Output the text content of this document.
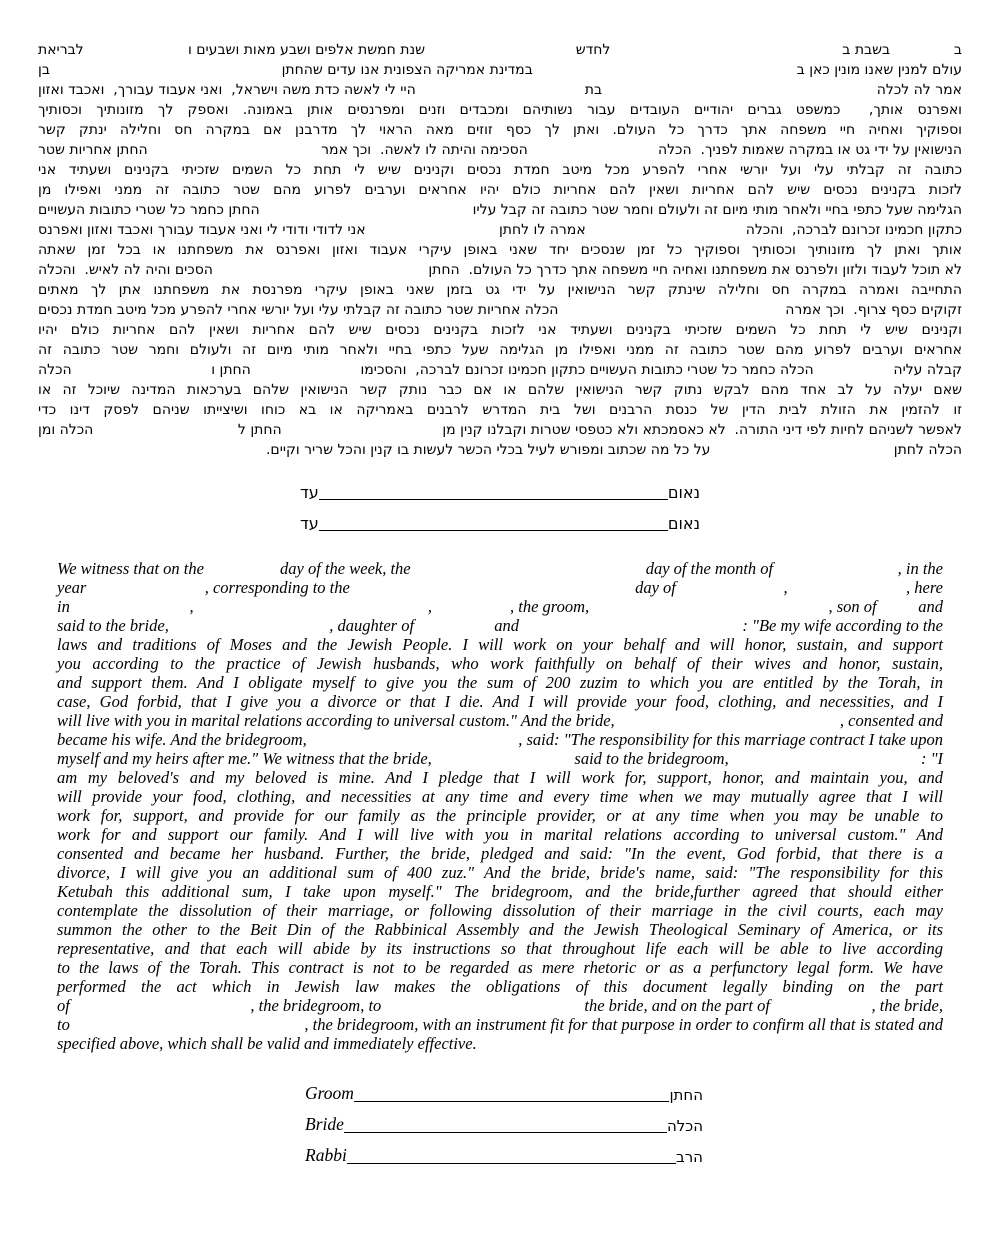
ב
בשבת ב
לחדש
שנת חמשת אלפים ושבע מאות ושבעים ו
לבריאת
עולם למנין שאנו מונין כאן ב
במדינת אמריקה הצפונית אנו עדים שהחתן
בן
אמר לה לכלה
בת
היי לי לאשה כדת משה וישראל,  ואני אעבוד עבורך,  ואכבד ואזון
ואפרנס אותך,  כמשפט גברים יהודיים העובדים עבור נשותיהם ומכבדים וזנים ומפרנסים אותן באמונה. ואספק לך מזונותיך וכסותיך
וספוקיך ואחיה חיי משפחה אתך כדרך כל העולם. ואתן לך כסף זוזים מאה הראוי לך מדרבנן אם במקרה חס וחלילה ינתק קשר
הנישואין על ידי גט או במקרה שאמות לפניך.  הכלה
הסכימה והיתה לו לאשה.  וכך אמר
החתן אחריות שטר
כתובה זה קבלתי עלי ועל יורשי אחרי להפרע מכל מיטב חמדת נכסים וקנינים שיש לי תחת כל השמים שזכיתי בקנינים ושעתיד אני
לזכות בקנינים נכסים שיש להם אחריות ושאין להם אחריות כולם יהיו אחראים וערבים לפרוע מהם שטר כתובה זה ממני ואפילו מן
הגלימה שעל כתפי בחיי ולאחר מותי מיום זה ולעולם וחמר שטר כתובה זה קבל עליו
החתן כחמר כל שטרי כתובות העשויים
כתקון חכמינו זכרונם לברכה,  והכלה
אמרה לו לחתן
אני לדודי ודודי לי ואני אעבוד עבורך ואכבד ואזון ואפרנס
אותך ואתן לך מזונותיך וכסותיך וספוקיך כל זמן שנסכים יחד שאני באופן עיקרי אעבוד ואזון ואפרנס את משפחתנו או בכל זמן שאתה
לא תוכל לעבוד ולזון ולפרנס את משפחתנו ואחיה חיי משפחה אתך כדרך כל העולם.  החתן
הסכים והיה לה לאיש.  והכלה
התחייבה ואמרה במקרה חס וחלילה שינתק קשר הנישואין על ידי גט בזמן שאני באופן עיקרי מפרנסת את משפחתנו אתן לך מאתים
זקוקים כסף צרוף.  וכך אמרה
הכלה אחריות שטר כתובה זה קבלתי עלי ועל יורשי אחרי להפרע מכל מיטב חמדת נכסים
וקנינים שיש לי תחת כל השמים שזכיתי בקנינים ושעתיד אני לזכות בקנינים נכסים שיש להם אחריות ושאין להם אחריות כולם יהיו
אחראים וערבים לפרוע מהם שטר כתובה זה ממני ואפילו מן הגלימה שעל כתפי בחיי ולאחר מותי מיום זה ולעולם וחמר שטר כתובה זה
קבלה עליה
הכלה כחמר כל שטרי כתובות העשויים כתקון חכמינו זכרונם לברכה,  והסכימו
החתן ו
הכלה
שאם יעלה על לב אחד מהם לבקש נתוק קשר הנישואין שלהם או אם כבר נותק קשר הנישואין שלהם בערכאות המדינה שיוכל זה או
זו להזמין את הזולת לבית הדין של כנסת הרבנים ושל בית המדרש לרבנים באמריקה או בא כוחו ושיצייתו שניהם לפסק דינו כדי
לאפשר לשניהם לחיות לפי דיני התורה.  לא כאסמכתא ולא כטפסי שטרות וקבלנו קנין מן
החתן ל
הכלה ומן
הכלה לחתן
על כל מה שכתוב ומפורש לעיל בכלי הכשר לעשות בו קנין והכל שריר וקיים.
נאום
עד
נאום
עד
We witness that on the	day of the week, the	day of the month of	, in the
year	, corresponding to the	day of	,	, here
in	,	,	, the groom,	, son of	and
said to the bride,	, daughter of	and	: "Be my wife according to the
laws and traditions of Moses and the Jewish People. I will work on your behalf and will honor, sustain, and support
you according to the practice of Jewish husbands, who work faithfully on behalf of their wives and honor, sustain,
and support them. And I obligate myself to give you the sum of 200 zuzim to which you are entitled by the Torah, in
case, God forbid, that I give you a divorce or that I die. And I will provide your food, clothing, and necessities, and I
will live with you in marital relations according to universal custom." And the bride,	, consented and
became his wife. And the bridegroom,	, said: "The responsibility for this marriage contract I take upon
myself and my heirs after me." We witness that the bride,	said to the bridegroom,	: "I
am my beloved's and my beloved is mine. And I pledge that I will work for, support, honor, and maintain you, and
will provide your food, clothing, and necessities at any time and every time when we may mutually agree that I will
work for, support, and provide for our family as the principle provider, or at any time when you may be unable to
work for and support our family. And I will live with you in marital relations according to universal custom." And
consented and became her husband. Further, the bride, pledged and said: "In the event, God forbid, that there is a
divorce, I will give you an additional sum of 400 zuz." And the bride, bride's name, said: "The responsibility for this
Ketubah this additional sum, I take upon myself." The bridegroom, and the bride,further agreed that should either
contemplate the dissolution of their marriage, or following dissolution of their marriage in the civil courts, each may
summon the other to the Beit Din of the Rabbinical Assembly and the Jewish Theological Seminary of America, or its
representative, and that each will abide by its instructions so that throughout life each will be able to live according
to the laws of the Torah. This contract is not to be regarded as mere rhetoric or as a perfunctory legal form. We have
performed the act which in Jewish law makes the obligations of this document legally binding on the part
of	, the bridegroom, to	the bride, and on the part of	, the bride,
to	, the bridegroom, with an instrument fit for that purpose in order to confirm all that is stated and
specified above, which shall be valid and immediately effective.
Groom	החתן
Bride	הכלה
Rabbi	הרב
